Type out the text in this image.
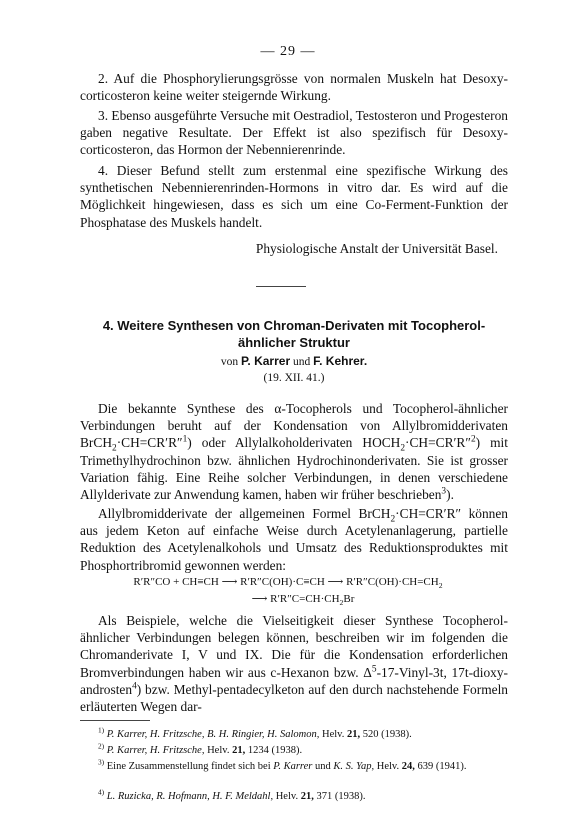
— 29 —

2. Auf die Phosphorylierungsgrösse von normalen Muskeln hat Desoxy-corticosteron keine weiter steigernde Wirkung.

3. Ebenso ausgeführte Versuche mit Oestradiol, Testosteron und Progesteron gaben negative Resultate. Der Effekt ist also spezifisch für Desoxy-corticosteron, das Hormon der Nebennierenrinde.

4. Dieser Befund stellt zum erstenmal eine spezifische Wirkung des synthetischen Nebennierenrinden-Hormons in vitro dar. Es wird auf die Möglichkeit hingewiesen, dass es sich um eine Co-Ferment-Funktion der Phosphatase des Muskels handelt.

Physiologische Anstalt der Universität Basel.

4. Weitere Synthesen von Chroman-Derivaten mit Tocopherol-ähnlicher Struktur

von P. Karrer und F. Kehrer.
(19. XII. 41.)

Die bekannte Synthese des α-Tocopherols und Tocopherol-ähnlicher Verbindungen beruht auf der Kondensation von Allylbromidderivaten BrCH$_2$·CH=CR′R″$^1$) oder Allylalkoholderivaten $HOCH_2\cdot CH=CR'R''^2$) mit Trimethylhydrochinon bzw. ähnlichen Hydrochinonderivaten. Sie ist grosser Variation fähig. Eine Reihe solcher Verbindungen, in denen verschiedene Allylderivate zur Anwendung kamen, haben wir früher beschrieben$^3$).

Allylbromidderivate der allgemeinen Formel BrCH$_2$·CH=CR′R″ können aus jedem Keton auf einfache Weise durch Acetylenanlagerung, partielle Reduktion des Acetylenalkohols und Umsatz des Reduktionsproduktes mit Phosphortribromid gewonnen werden:

R′R″CO + CH≡CH ⟶ R′R″C(OH)·C≡CH ⟶ $R'R''C(OH)\cdot CH=CH_2$
⟶ $R'R''C=CH\cdot CH_2Br$

Als Beispiele, welche die Vielseitigkeit dieser Synthese Tocopherol-ähnlicher Verbindungen belegen können, beschreiben wir im folgenden die Chromanderivate I, V und IX. Die für die Kondensation erforderlichen Bromverbindungen haben wir aus c-Hexanon bzw. $\Delta^5-17-Vinyl-3t$, 17t-dioxy-androsten$^4$) bzw. Methyl-pentadecylketon auf den durch nachstehende Formeln erläuterten Wegen dar-

$^{1)}$ P. Karrer, H. Fritzsche, B. H. Ringier, H. Salomon, Helv. 21, 520 (1938).

$^{2)}$ P. Karrer, H. Fritzsche, Helv. 21, 1234 (1938).

$^{3)}$ Eine Zusammenstellung findet sich bei P. Karrer und K. S. Yap, Helv. 24, 639 (1941).

$^{4)}$ L. Ruzicka, R. Hofmann, H. F. Meldahl, Helv. 21, 371 (1938).
